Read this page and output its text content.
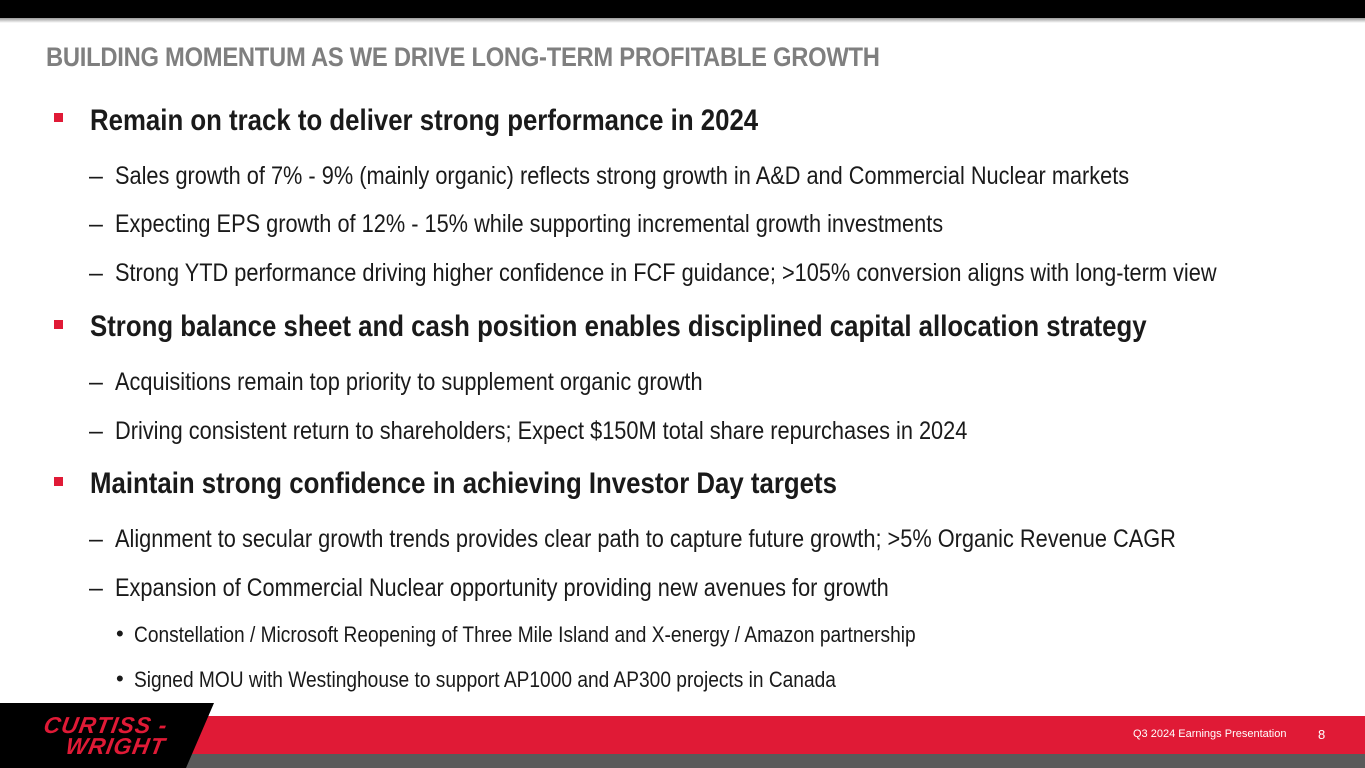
BUILDING MOMENTUM AS WE DRIVE LONG-TERM PROFITABLE GROWTH
Remain on track to deliver strong performance in 2024
– Sales growth of 7% - 9% (mainly organic) reflects strong growth in A&D and Commercial Nuclear markets
– Expecting EPS growth of 12% - 15% while supporting incremental growth investments
– Strong YTD performance driving higher confidence in FCF guidance; >105% conversion aligns with long-term view
Strong balance sheet and cash position enables disciplined capital allocation strategy
– Acquisitions remain top priority to supplement organic growth
– Driving consistent return to shareholders; Expect $150M total share repurchases in 2024
Maintain strong confidence in achieving Investor Day targets
– Alignment to secular growth trends provides clear path to capture future growth; >5% Organic Revenue CAGR
– Expansion of Commercial Nuclear opportunity providing new avenues for growth
• Constellation / Microsoft Reopening of Three Mile Island and X-energy / Amazon partnership
• Signed MOU with Westinghouse to support AP1000 and AP300 projects in Canada
CURTISS -
WRIGHT	Q3 2024 Earnings Presentation 8
